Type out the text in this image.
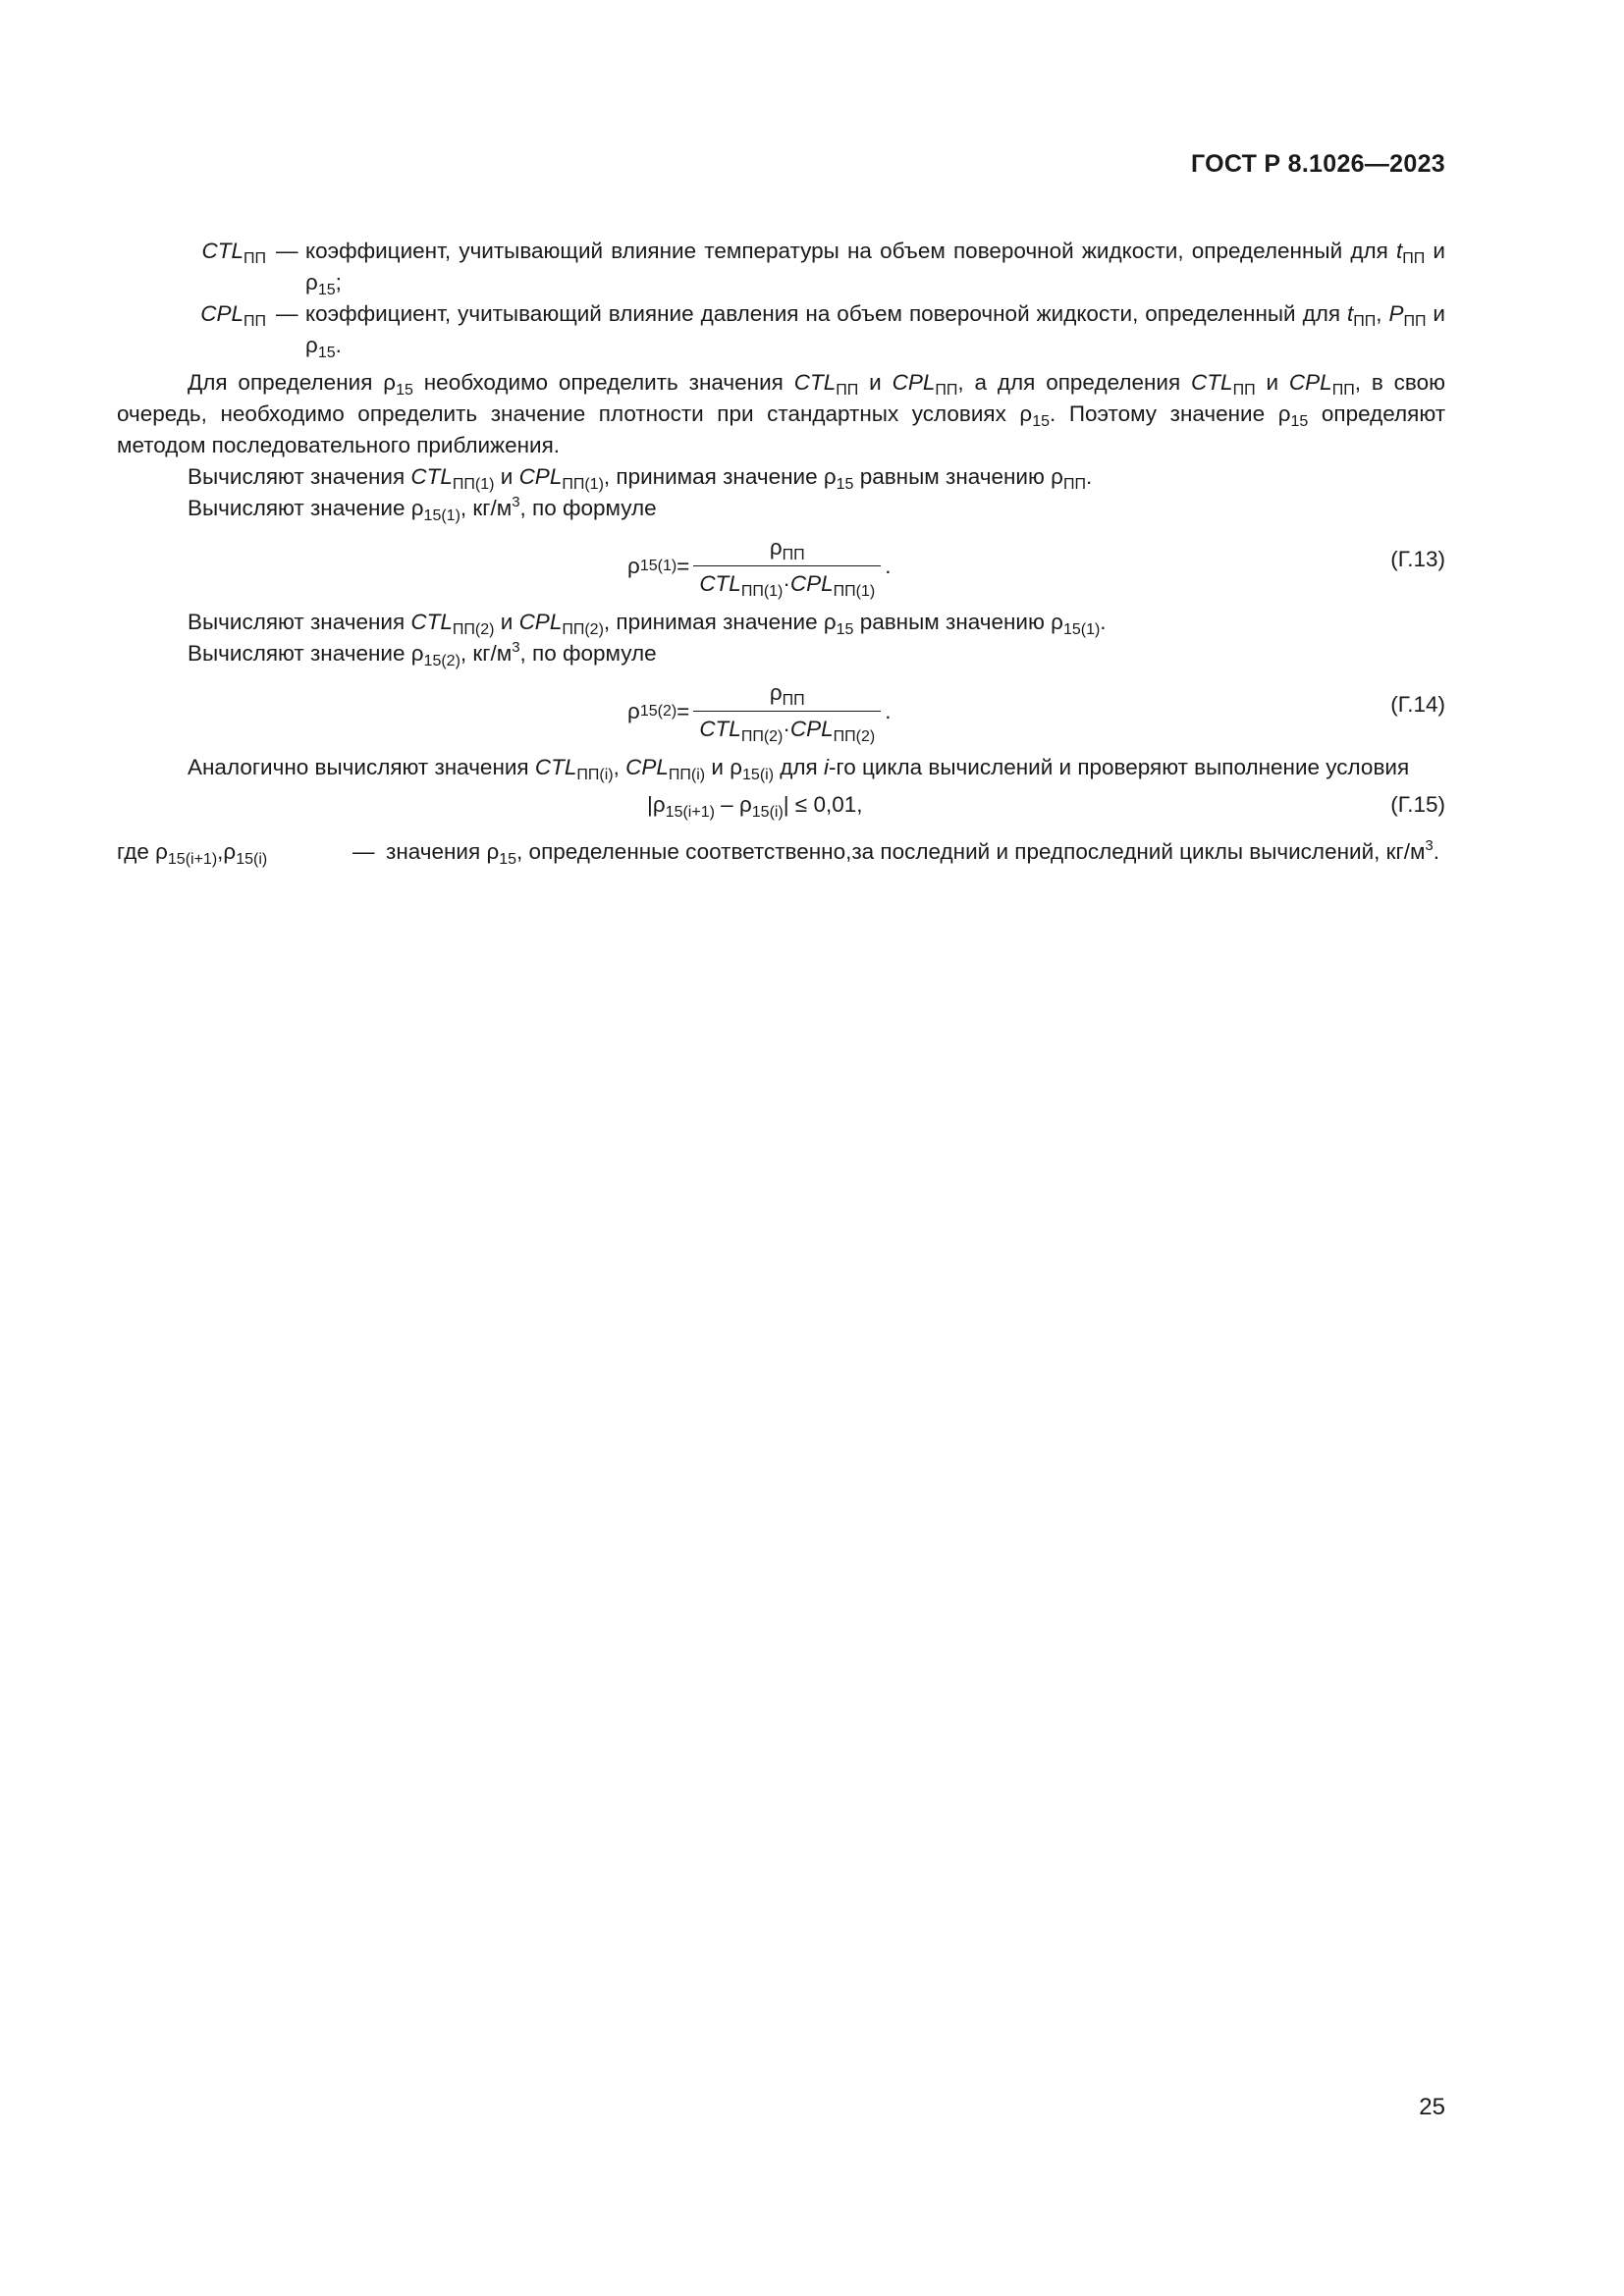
ГОСТ Р 8.1026—2023
$CTL_{ПП}$ — коэффициент, учитывающий влияние температуры на объем поверочной жидкости, определенный для $t_{ПП}$ и $\rho_{15}$;
$CPL_{ПП}$ — коэффициент, учитывающий влияние давления на объем поверочной жидкости, определенный для $t_{ПП}$, $P_{ПП}$ и $\rho_{15}$.

Для определения $\rho_{15}$ необходимо определить значения $CTL_{ПП}$ и $CPL_{ПП}$, а для определения $CTL_{ПП}$ и $CPL_{ПП}$, в свою очередь, необходимо определить значение плотности при стандартных условиях $\rho_{15}$. Поэтому значение $\rho_{15}$ определяют методом последовательного приближения.

Вычисляют значения $CTL_{ПП(1)}$ и $CPL_{ПП(1)}$, принимая значение $\rho_{15}$ равным значению $\rho_{ПП}$.

Вычисляют значение $\rho_{15(1)}$, $кг/м^3$, по формуле

ρ $15(1) = \frac{\rho_{ПП}}{CTL_{ПП(1)}\cdot CPL_{ПП(1)}}$ .	(Г.13)

Вычисляют значения $CTL_{ПП(2)}$ и $CPL_{ПП(2)}$, принимая значение $\rho_{15}$ равным значению $\rho_{15(1)}$.

Вычисляют значение $\rho_{15(2)}$, $кг/м^3$, по формуле

ρ $15(2) = \frac{\rho_{ПП}}{CTL_{ПП(2)}\cdot CPL_{ПП(2)}}$ .	(Г.14)

Аналогично вычисляют значения $CTL_{ПП(i)}$, $CPL_{ПП(i)}$ и $\rho_{15(i)}$ для i-го цикла вычислений и проверяют выполнение условия

$|\rho_{15(i+1)} - \rho_{15(i)}| \le 0,01$,	(Г.15)
где $\rho_{15(i+1)},\rho_{15(i)}$	— значения $\rho_{15}$, определенные соответственно,за последний и предпоследний циклы вычислений, $кг/м^3$.
25
